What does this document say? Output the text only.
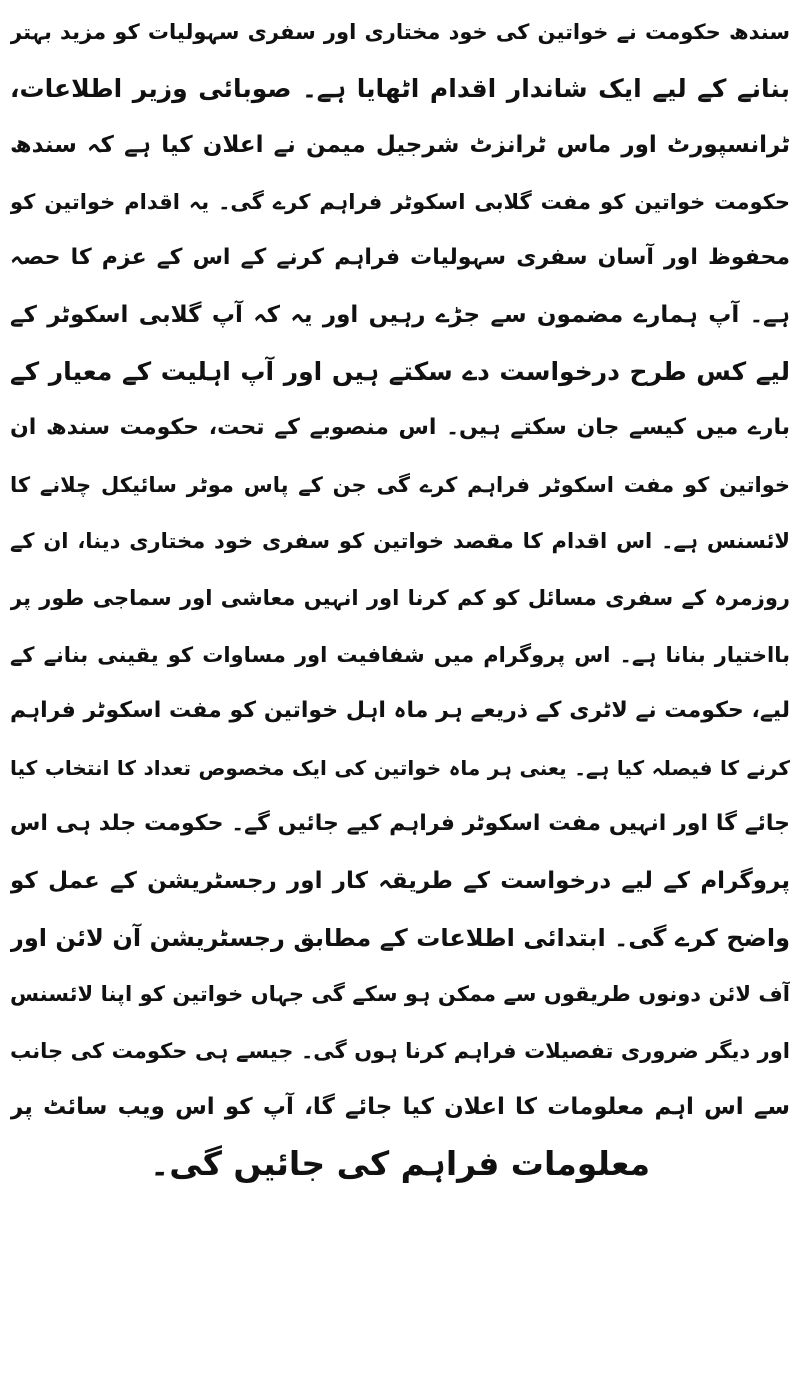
سندھ حکومت نے خواتین کی خود مختاری اور سفری سہولیات کو مزید بہتر
بنانے کے لیے ایک شاندار اقدام اٹھایا ہے۔ صوبائی وزیر اطلاعات،
ٹرانسپورٹ اور ماس ٹرانزٹ شرجیل میمن نے اعلان کیا ہے کہ سندھ
حکومت خواتین کو مفت گلابی اسکوٹر فراہم کرے گی۔ یہ اقدام خواتین کو
محفوظ اور آسان سفری سہولیات فراہم کرنے کے اس کے عزم کا حصہ
ہے۔ آپ ہمارے مضمون سے جڑے رہیں اور یہ کہ آپ گلابی اسکوٹر کے
لیے کس طرح درخواست دے سکتے ہیں اور آپ اہلیت کے معیار کے
بارے میں کیسے جان سکتے ہیں۔ اس منصوبے کے تحت، حکومت سندھ ان
خواتین کو مفت اسکوٹر فراہم کرے گی جن کے پاس موٹر سائیکل چلانے کا
لائسنس ہے۔ اس اقدام کا مقصد خواتین کو سفری خود مختاری دینا، ان کے
روزمرہ کے سفری مسائل کو کم کرنا اور انہیں معاشی اور سماجی طور پر
بااختیار بنانا ہے۔ اس پروگرام میں شفافیت اور مساوات کو یقینی بنانے کے
لیے، حکومت نے لاٹری کے ذریعے ہر ماہ اہل خواتین کو مفت اسکوٹر فراہم
کرنے کا فیصلہ کیا ہے۔ یعنی ہر ماہ خواتین کی ایک مخصوص تعداد کا انتخاب کیا
جائے گا اور انہیں مفت اسکوٹر فراہم کیے جائیں گے۔ حکومت جلد ہی اس
پروگرام کے لیے درخواست کے طریقہ کار اور رجسٹریشن کے عمل کو
واضح کرے گی۔ ابتدائی اطلاعات کے مطابق رجسٹریشن آن لائن اور
آف لائن دونوں طریقوں سے ممکن ہو سکے گی جہاں خواتین کو اپنا لائسنس
اور دیگر ضروری تفصیلات فراہم کرنا ہوں گی۔ جیسے ہی حکومت کی جانب
سے اس اہم معلومات کا اعلان کیا جائے گا، آپ کو اس ویب سائٹ پر
معلومات فراہم کی جائیں گی۔
